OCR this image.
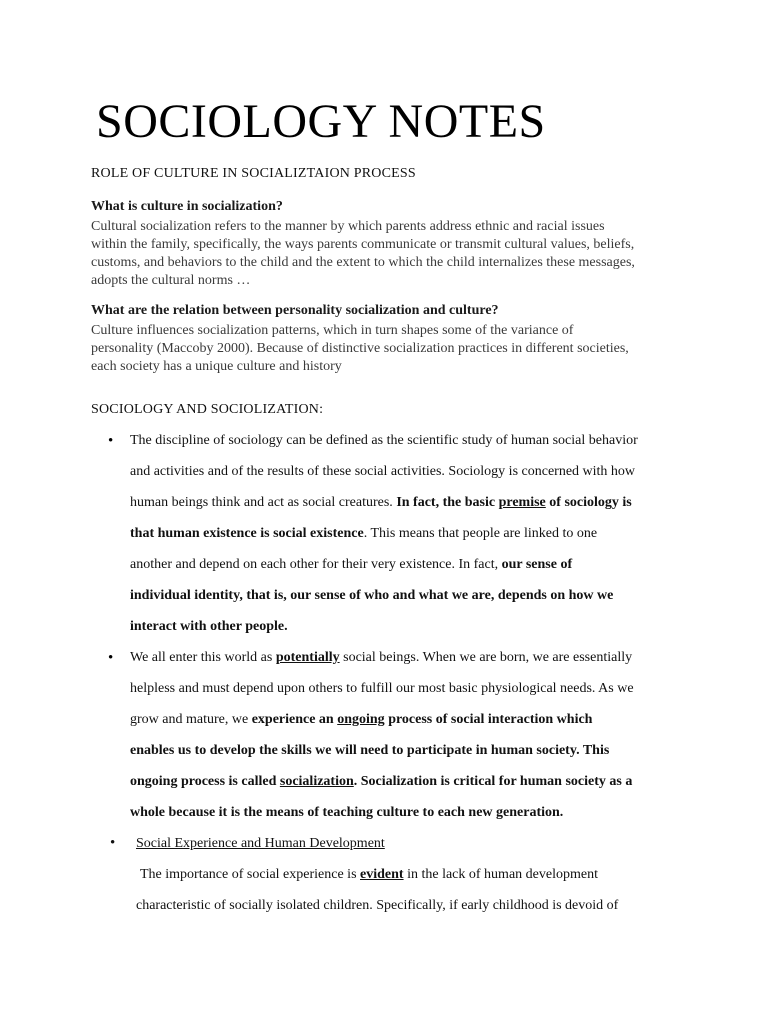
SOCIOLOGY NOTES
ROLE OF CULTURE IN SOCIALIZTAION PROCESS
What is culture in socialization?

Cultural socialization refers to the manner by which parents address ethnic and racial issues

within the family, specifically, the ways parents communicate or transmit cultural values, beliefs,

customs, and behaviors to the child and the extent to which the child internalizes these messages,

adopts the cultural norms …

What are the relation between personality socialization and culture?

Culture influences socialization patterns, which in turn shapes some of the variance of

personality (Maccoby 2000). Because of distinctive socialization practices in different societies,

each society has a unique culture and history

SOCIOLOGY AND SOCIOLIZATION:
• The discipline of sociology can be defined as the scientific study of human social behavior
and activities and of the results of these social activities. Sociology is concerned with how
human beings think and act as social creatures. In fact, the basic premise of sociology is
that human existence is social existence. This means that people are linked to one
another and depend on each other for their very existence. In fact, our sense of
individual identity, that is, our sense of who and what we are, depends on how we
interact with other people.
• We all enter this world as potentially social beings. When we are born, we are essentially
helpless and must depend upon others to fulfill our most basic physiological needs. As we
grow and mature, we experience an ongoing process of social interaction which
enables us to develop the skills we will need to participate in human society. This
ongoing process is called socialization. Socialization is critical for human society as a
whole because it is the means of teaching culture to each new generation.
• Social Experience and Human Development
The importance of social experience is evident in the lack of human development
characteristic of socially isolated children. Specifically, if early childhood is devoid of
